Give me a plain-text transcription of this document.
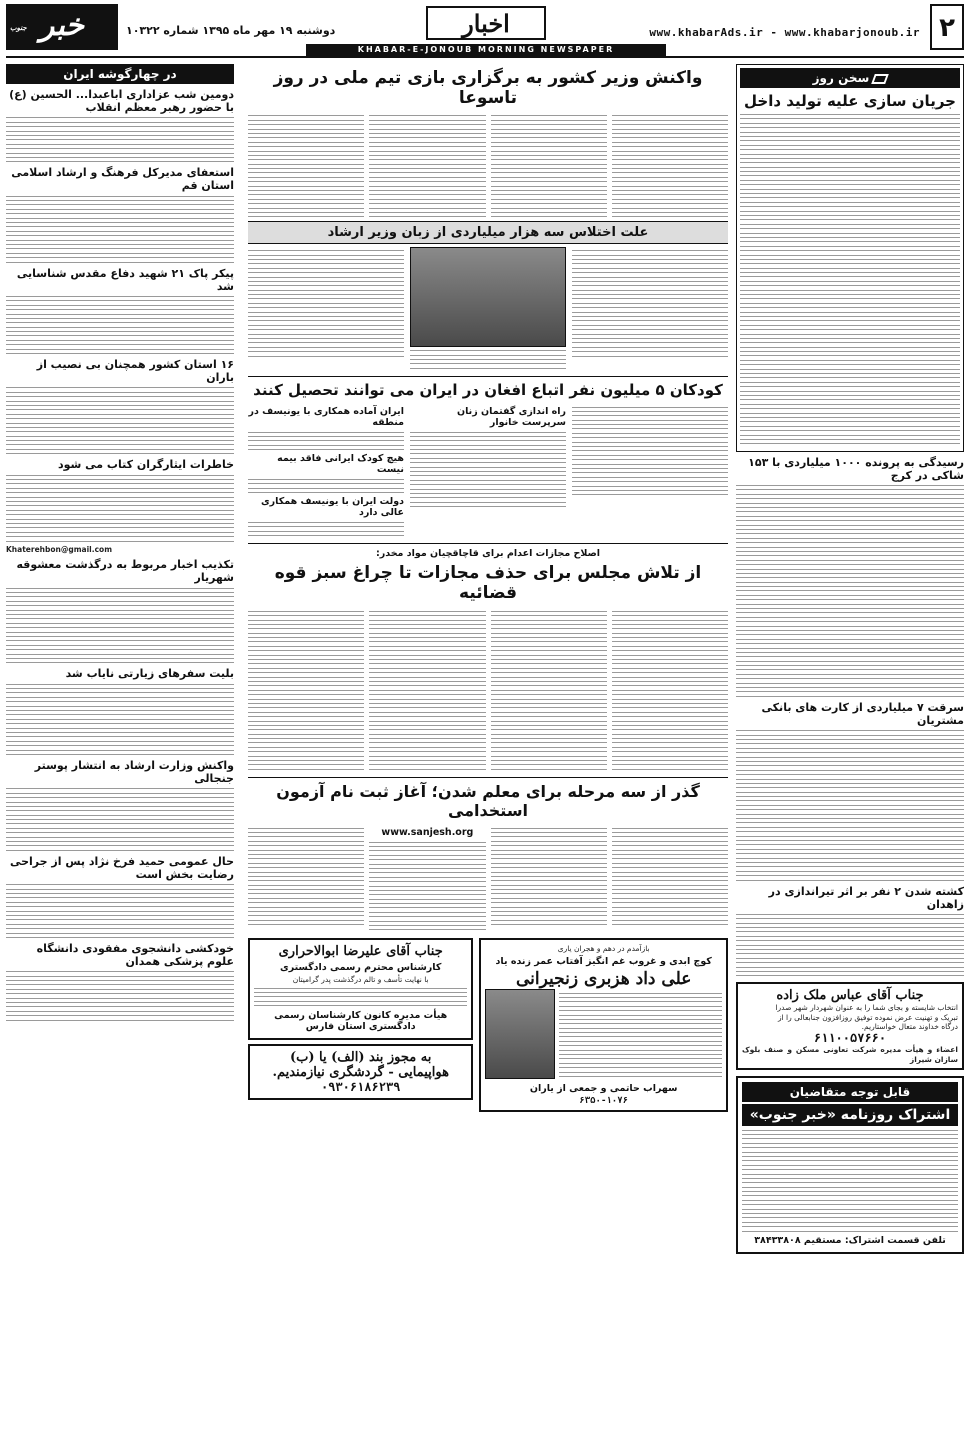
۲
www.khabarAds.ir - www.khabarjonoub.ir
اخبار
KHABAR-E-JONOUB MORNING NEWSPAPER
دوشنبه ۱۹ مهر ماه ۱۳۹۵ شماره ۱۰۳۲۲
جنوب خبر
سخن روز
جریان سازی علیه تولید داخل
رسیدگی به پرونده ۱۰۰۰ میلیاردی با ۱۵۳ شاکی در کرج
سرقت ۷ میلیاردی از کارت های بانکی مشتریان
کشته شدن ۲ نفر بر اثر تیراندازی در زاهدان
جناب آقای عباس ملک زاده
انتخاب شایسته و بجای شما را به عنوان شهردار شهر صدرا
تبریک و تهنیت عرض نموده توفیق روزافزون جنابعالی را از
درگاه خداوند متعال خواستاریم.
۶۱۱۰۰۵۷۶۶۰
اعضاء و هیأت مدیره شرکت تعاونی مسکن و صنف بلوک سازان شیراز
قابل توجه متقاضیان
اشتراک روزنامه «خبر جنوب»
تلفن قسمت اشتراک: مستقیم ۳۸۴۳۳۸۰۸
واکنش وزیر کشور به برگزاری بازی تیم ملی در روز تاسوعا
علت اختلاس سه هزار میلیاردی از زبان وزیر ارشاد
کودکان ۵ میلیون نفر اتباع افغان در ایران می توانند تحصیل کنند
راه اندازی گفتمان زنان سرپرست خانوار
ایران آماده همکاری با یونیسف در منطقه
هیچ کودک ایرانی فاقد بیمه نیست
دولت ایران با یونیسف همکاری عالی دارد
اصلاح مجازات اعدام برای قاچاقچیان مواد مخدر:
از تلاش مجلس برای حذف مجازات تا چراغ سبز قوه قضائیه
گذر از سه مرحله برای معلم شدن؛ آغاز ثبت نام آزمون استخدامی
www.sanjesh.org
بازآمدم در دهم و هجران یاری
کوچ ابدی و غروب غم انگیز آفتاب عمر زنده یاد
علی داد هزبری زنجیرانی
سهراب حاتمی و جمعی از یاران
۶۳۵۰-۱۰۷۶
جناب آقای علیرضا ابوالاحراری
کارشناس محترم رسمی دادگستری
با نهایت تأسف و تالم درگذشت پدر گرامیتان
هیأت مدیره کانون کارشناسان رسمی دادگستری استان فارس
به مجوز بند (الف) یا (ب)
هواپیمایی - گردشگری نیازمندیم.
۰۹۳۰۶۱۸۶۲۳۹
در چهارگوشه ایران
دومین شب عزاداری اباعبدا... الحسین (ع) با حضور رهبر معظم انقلاب
استعفای مدیرکل فرهنگ و ارشاد اسلامی استان قم
پیکر پاک ۲۱ شهید دفاع مقدس شناسایی شد
۱۶ استان کشور همچنان بی نصیب از باران
خاطرات ایثارگران کتاب می شود
Khaterehbon@gmail.com
تکذیب اخبار مربوط به درگذشت معشوقه شهریار
بلیت سفرهای زیارتی نایاب شد
واکنش وزارت ارشاد به انتشار پوستر جنجالی
حال عمومی حمید فرخ نژاد پس از جراحی رضایت بخش است
خودکشی دانشجوی مفقودی دانشگاه علوم پزشکی همدان
